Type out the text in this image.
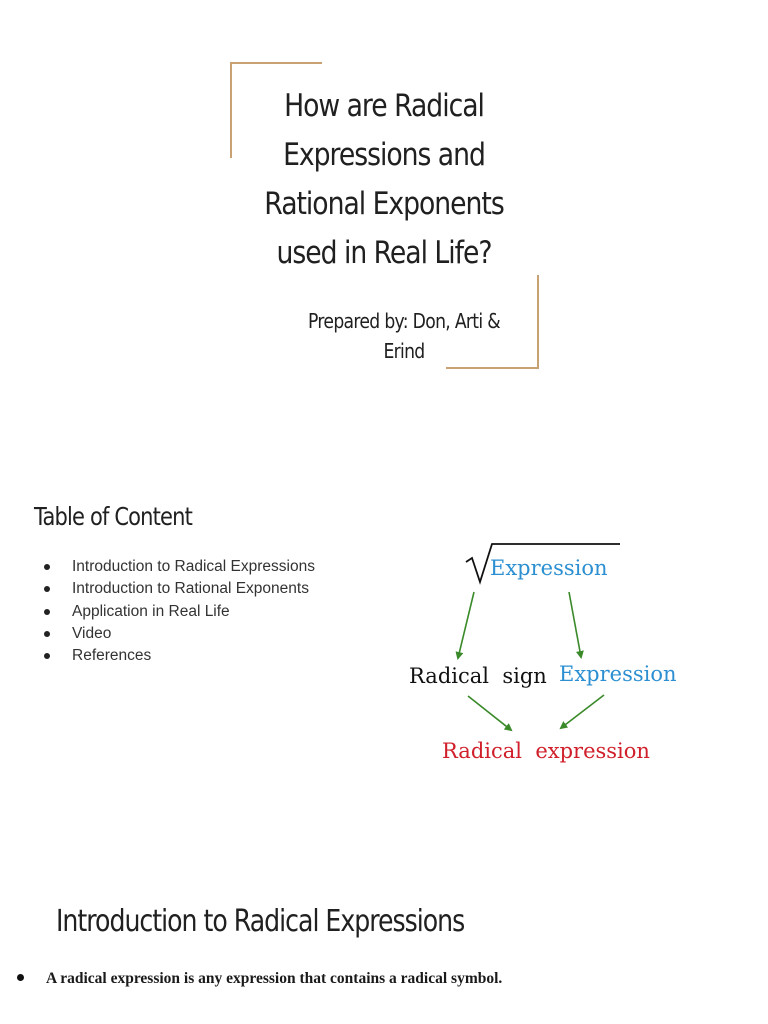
How are Radical Expressions and Rational Exponents used in Real Life?
Prepared by: Don, Arti & Erind
Table of Content
Introduction to Radical Expressions
Introduction to Rational Exponents
Application in Real Life
Video
References
Expression
Radical  sign Expression
Radical  expression
Introduction to Radical Expressions
A radical expression is any expression that contains a radical symbol.
